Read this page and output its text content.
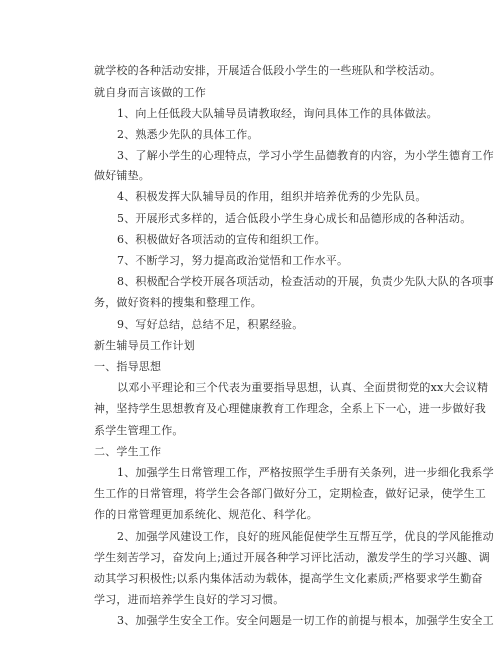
就学校的各种活动安排，开展适合低段小学生的一些班队和学校活动。
就自身而言该做的工作
1、向上任低段大队辅导员请教取经，询问具体工作的具体做法。
2、熟悉少先队的具体工作。
3、了解小学生的心理特点，学习小学生品德教育的内容，为小学生德育工作
做好铺垫。
4、积极发挥大队辅导员的作用，组织并培养优秀的少先队员。
5、开展形式多样的，适合低段小学生身心成长和品德形成的各种活动。
6、积极做好各项活动的宣传和组织工作。
7、不断学习，努力提高政治觉悟和工作水平。
8、积极配合学校开展各项活动，检查活动的开展，负责少先队大队的各项事
务，做好资料的搜集和整理工作。
9、写好总结，总结不足，积累经验。
新生辅导员工作计划
一、指导思想
以邓小平理论和三个代表为重要指导思想，认真、全面贯彻党的xx大会议精
神，坚持学生思想教育及心理健康教育工作理念，全系上下一心，进一步做好我
系学生管理工作。
二、学生工作
1、加强学生日常管理工作，严格按照学生手册有关条列，进一步细化我系学
生工作的日常管理，将学生会各部门做好分工，定期检查，做好记录，使学生工
作的日常管理更加系统化、规范化、科学化。
2、加强学风建设工作，良好的班风能促使学生互帮互学，优良的学风能推动
学生刻苦学习，奋发向上;通过开展各种学习评比活动，激发学生的学习兴趣、调
动其学习积极性;以系内集体活动为载体，提高学生文化素质;严格要求学生勤奋
学习，进而培养学生良好的学习习惯。
3、加强学生安全工作。安全问题是一切工作的前提与根本，加强学生安全工
